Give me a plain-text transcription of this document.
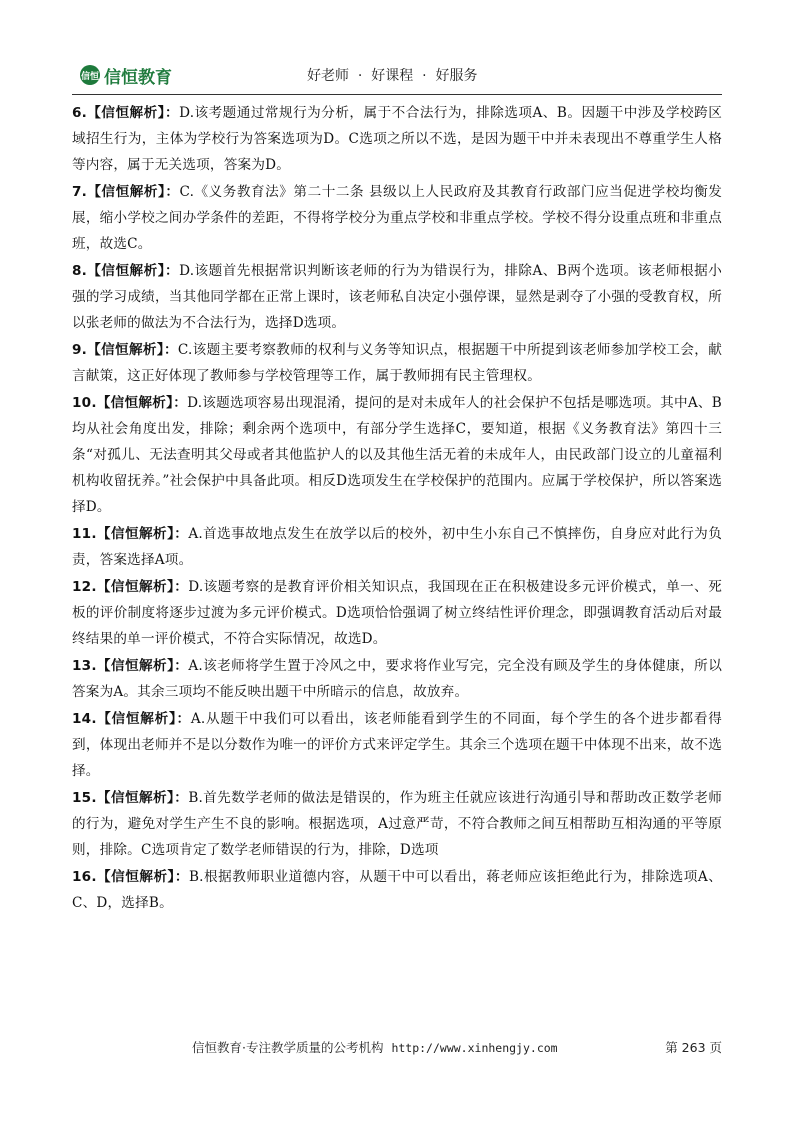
信恒 信恒教育	好老师  ·  好课程  ·  好服务

6.【信恒解析】：D.该考题通过常规行为分析，属于不合法行为，排除选项A、B。因题干中涉及学校跨区域招生行为，主体为学校行为答案选项为D。C选项之所以不选，是因为题干中并未表现出不尊重学生人格等内容，属于无关选项，答案为D。

7.【信恒解析】：C.《义务教育法》第二十二条 县级以上人民政府及其教育行政部门应当促进学校均衡发展，缩小学校之间办学条件的差距，不得将学校分为重点学校和非重点学校。学校不得分设重点班和非重点班，故选C。

8.【信恒解析】：D.该题首先根据常识判断该老师的行为为错误行为，排除A、B两个选项。该老师根据小强的学习成绩，当其他同学都在正常上课时，该老师私自决定小强停课，显然是剥夺了小强的受教育权，所以张老师的做法为不合法行为，选择D选项。

9.【信恒解析】：C.该题主要考察教师的权利与义务等知识点，根据题干中所提到该老师参加学校工会，献言献策，这正好体现了教师参与学校管理等工作，属于教师拥有民主管理权。

10.【信恒解析】：D.该题选项容易出现混淆，提问的是对未成年人的社会保护不包括是哪选项。其中A、B均从社会角度出发，排除；剩余两个选项中，有部分学生选择C，要知道，根据《义务教育法》第四十三条“对孤儿、无法查明其父母或者其他监护人的以及其他生活无着的未成年人，由民政部门设立的儿童福利机构收留抚养。”社会保护中具备此项。相反D选项发生在学校保护的范围内。应属于学校保护，所以答案选择D。

11.【信恒解析】：A.首选事故地点发生在放学以后的校外，初中生小东自己不慎摔伤，自身应对此行为负责，答案选择A项。

12.【信恒解析】：D.该题考察的是教育评价相关知识点，我国现在正在积极建设多元评价模式，单一、死板的评价制度将逐步过渡为多元评价模式。D选项恰恰强调了树立终结性评价理念，即强调教育活动后对最终结果的单一评价模式，不符合实际情况，故选D。

13.【信恒解析】：A.该老师将学生置于冷风之中，要求将作业写完，完全没有顾及学生的身体健康，所以答案为A。其余三项均不能反映出题干中所暗示的信息，故放弃。

14.【信恒解析】：A.从题干中我们可以看出，该老师能看到学生的不同面，每个学生的各个进步都看得到，体现出老师并不是以分数作为唯一的评价方式来评定学生。其余三个选项在题干中体现不出来，故不选择。

15.【信恒解析】：B.首先数学老师的做法是错误的，作为班主任就应该进行沟通引导和帮助改正数学老师的行为，避免对学生产生不良的影响。根据选项，A过意严苛，不符合教师之间互相帮助互相沟通的平等原则，排除。C选项肯定了数学老师错误的行为，排除，D选项

16.【信恒解析】：B.根据教师职业道德内容，从题干中可以看出，蒋老师应该拒绝此行为，排除选项A、C、D，选择B。

信恒教育·专注教学质量的公考机构 http://www.xinhengjy.com	第 263 页
